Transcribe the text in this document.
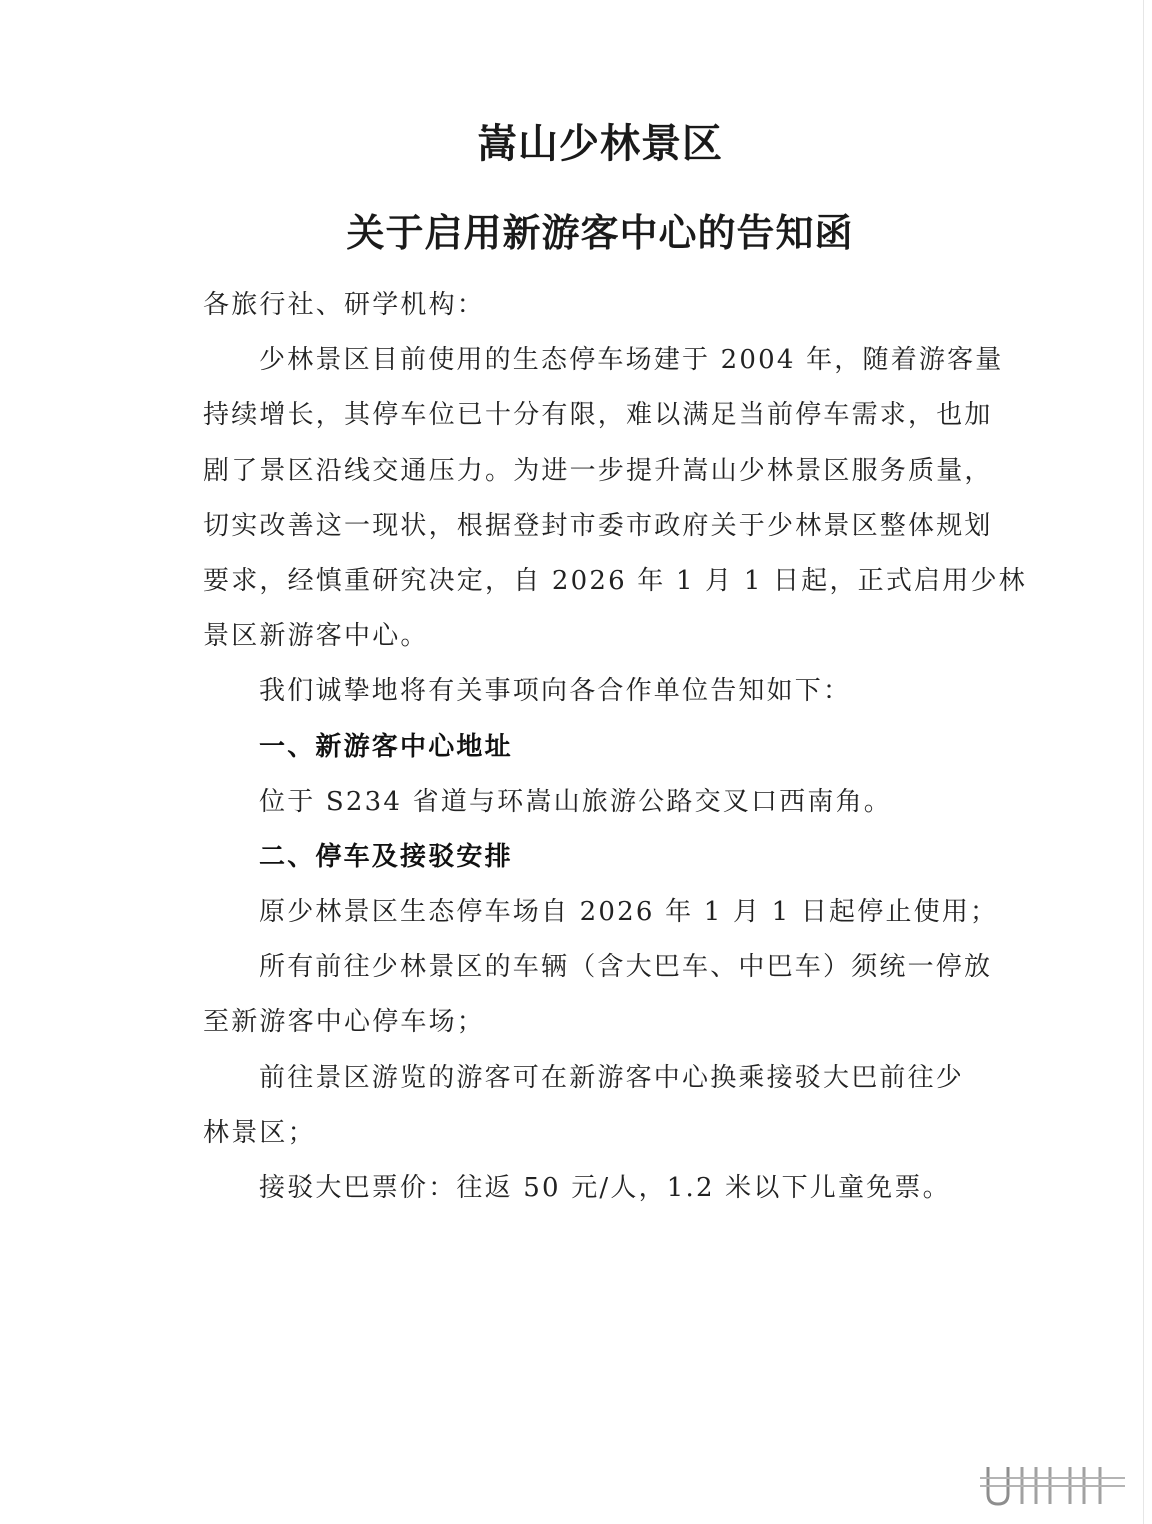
嵩山少林景区
关于启用新游客中心的告知函
各旅行社、研学机构：
少林景区目前使用的生态停车场建于 2004 年，随着游客量
持续增长，其停车位已十分有限，难以满足当前停车需求，也加
剧了景区沿线交通压力。为进一步提升嵩山少林景区服务质量，
切实改善这一现状，根据登封市委市政府关于少林景区整体规划
要求，经慎重研究决定，自 2026 年 1 月 1 日起，正式启用少林
景区新游客中心。
我们诚挚地将有关事项向各合作单位告知如下：
一、新游客中心地址
位于 S234 省道与环嵩山旅游公路交叉口西南角。
二、停车及接驳安排
原少林景区生态停车场自 2026 年 1 月 1 日起停止使用；
所有前往少林景区的车辆（含大巴车、中巴车）须统一停放
至新游客中心停车场；
前往景区游览的游客可在新游客中心换乘接驳大巴前往少
林景区；
接驳大巴票价：往返 50 元/人，1.2 米以下儿童免票。
